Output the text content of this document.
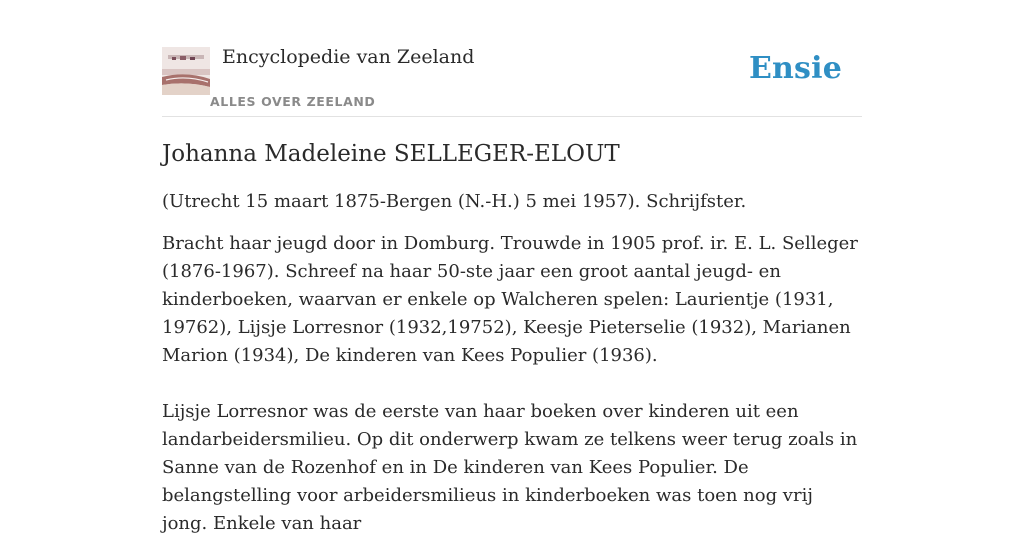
Encyclopedie van Zeeland
ALLES OVER ZEELAND
Ensie
Johanna Madeleine SELLEGER-ELOUT

(Utrecht 15 maart 1875-Bergen (N.-H.) 5 mei 1957). Schrijfster.

Bracht haar jeugd door in Domburg. Trouwde in 1905 prof. ir. E. L. Selleger (1876-1967). Schreef na haar 50-ste jaar een groot aantal jeugd- en kinderboeken, waarvan er enkele op Walcheren spelen: Laurientje (1931, 19762), Lijsje Lorresnor (1932,19752), Keesje Pieterselie (1932), Marianen Marion (1934), De kinderen van Kees Populier (1936).

Lijsje Lorresnor was de eerste van haar boeken over kinderen uit een landarbeidersmilieu. Op dit onderwerp kwam ze telkens weer terug zoals in Sanne van de Rozenhof en in De kinderen van Kees Populier. De belangstelling voor arbeidersmilieus in kinderboeken was toen nog vrij jong. Enkele van haar
